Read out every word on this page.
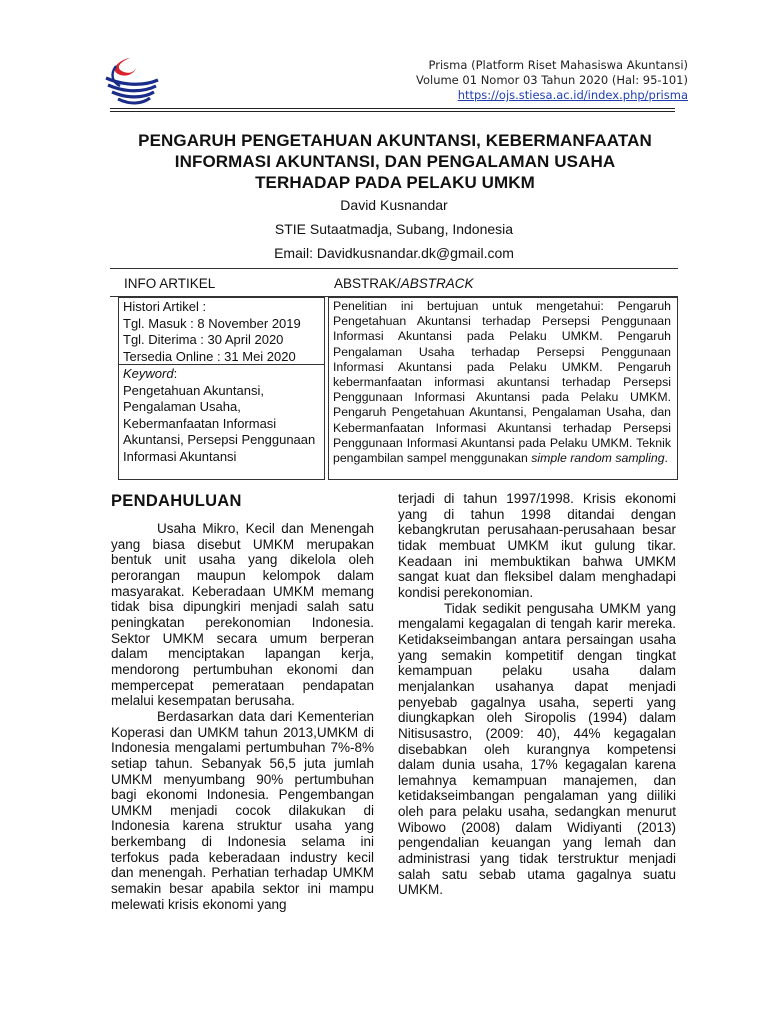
Prisma (Platform Riset Mahasiswa Akuntansi)
Volume 01 Nomor 03 Tahun 2020 (Hal: 95-101)
https://ojs.stiesa.ac.id/index.php/prisma
PENGARUH PENGETAHUAN AKUNTANSI, KEBERMANFAATAN
INFORMASI AKUNTANSI, DAN PENGALAMAN USAHA
TERHADAP PADA PELAKU UMKM
David Kusnandar
STIE Sutaatmadja, Subang, Indonesia
Email: Davidkusnandar.dk@gmail.com
INFO ARTIKEL	ABSTRAK/ABSTRACK
Histori Artikel :
Tgl. Masuk : 8 November 2019
Tgl. Diterima : 30 April 2020
Tersedia Online : 31 Mei 2020
Keyword:
Pengetahuan Akuntansi, Pengalaman Usaha, Kebermanfaatan Informasi Akuntansi, Persepsi Penggunaan Informasi Akuntansi
Penelitian ini bertujuan untuk mengetahui: Pengaruh Pengetahuan Akuntansi terhadap Persepsi Penggunaan Informasi Akuntansi pada Pelaku UMKM. Pengaruh Pengalaman Usaha terhadap Persepsi Penggunaan Informasi Akuntansi pada Pelaku UMKM. Pengaruh kebermanfaatan informasi akuntansi terhadap Persepsi Penggunaan Informasi Akuntansi pada Pelaku UMKM. Pengaruh Pengetahuan Akuntansi, Pengalaman Usaha, dan Kebermanfaatan Informasi Akuntansi terhadap Persepsi Penggunaan Informasi Akuntansi pada Pelaku UMKM. Teknik pengambilan sampel menggunakan simple random sampling.
PENDAHULUAN

Usaha Mikro, Kecil dan Menengah yang biasa disebut UMKM merupakan bentuk unit usaha yang dikelola oleh perorangan maupun kelompok dalam masyarakat. Keberadaan UMKM memang tidak bisa dipungkiri menjadi salah satu peningkatan perekonomian Indonesia. Sektor UMKM secara umum berperan dalam menciptakan lapangan kerja, mendorong pertumbuhan ekonomi dan mempercepat pemerataan pendapatan melalui kesempatan berusaha.

Berdasarkan data dari Kementerian Koperasi dan UMKM tahun 2013,UMKM di Indonesia mengalami pertumbuhan 7%-8% setiap tahun. Sebanyak 56,5 juta jumlah UMKM menyumbang 90% pertumbuhan bagi ekonomi Indonesia. Pengembangan UMKM menjadi cocok dilakukan di Indonesia karena struktur usaha yang berkembang di Indonesia selama ini terfokus pada keberadaan industry kecil dan menengah. Perhatian terhadap UMKM semakin besar apabila sektor ini mampu melewati krisis ekonomi yang

terjadi di tahun 1997/1998. Krisis ekonomi yang di tahun 1998 ditandai dengan kebangkrutan perusahaan-perusahaan besar tidak membuat UMKM ikut gulung tikar. Keadaan ini membuktikan bahwa UMKM sangat kuat dan fleksibel dalam menghadapi kondisi perekonomian.

Tidak sedikit pengusaha UMKM yang mengalami kegagalan di tengah karir mereka. Ketidakseimbangan antara persaingan usaha yang semakin kompetitif dengan tingkat kemampuan pelaku usaha dalam menjalankan usahanya dapat menjadi penyebab gagalnya usaha, seperti yang diungkapkan oleh Siropolis (1994) dalam Nitisusastro, (2009: 40), 44% kegagalan disebabkan oleh kurangnya kompetensi dalam dunia usaha, 17% kegagalan karena lemahnya kemampuan manajemen, dan ketidakseimbangan pengalaman yang diiliki oleh para pelaku usaha, sedangkan menurut Wibowo (2008) dalam Widiyanti (2013) pengendalian keuangan yang lemah dan administrasi yang tidak terstruktur menjadi salah satu sebab utama gagalnya suatu UMKM.
